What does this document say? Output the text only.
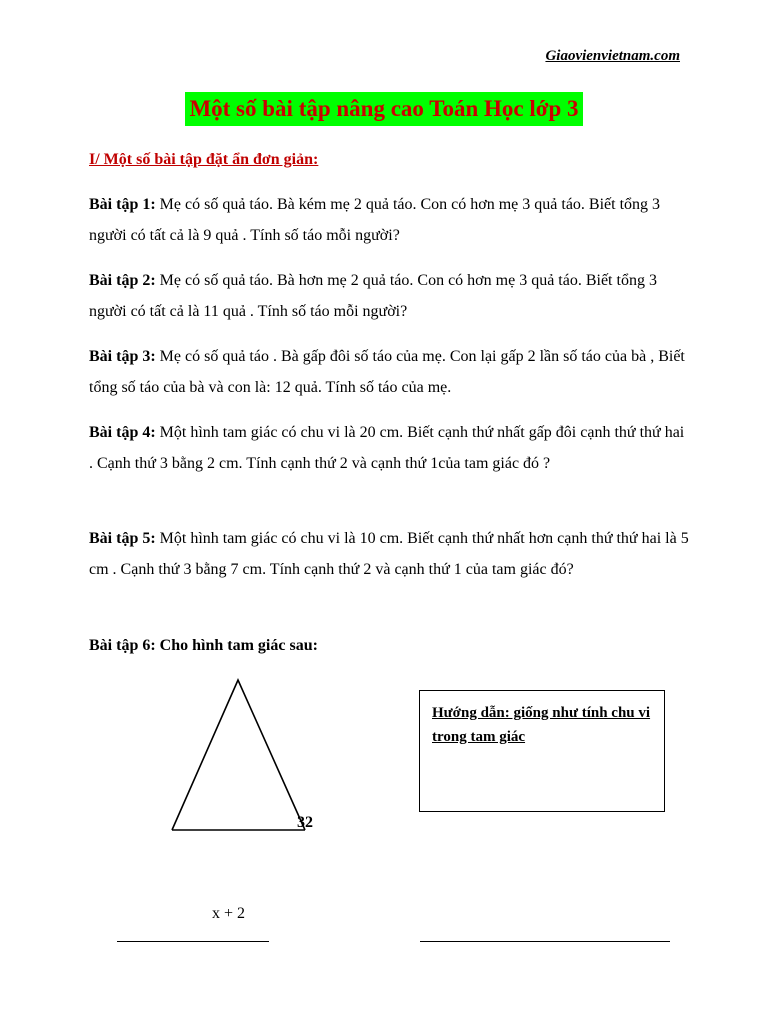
Giaovienvietnam.com
Một số bài tập nâng cao Toán Học lớp 3
I/ Một số bài tập đặt ẩn đơn giản:

Bài tập 1: Mẹ có số quả táo. Bà kém mẹ 2 quả táo. Con có hơn mẹ 3 quả táo. Biết tổng 3 người có tất cả là 9 quả . Tính số táo mỗi người?

Bài tập 2: Mẹ có số quả táo. Bà hơn mẹ 2 quả táo. Con có hơn mẹ 3 quả táo. Biết tổng 3 người có tất cả là 11 quả . Tính số táo mỗi người?

Bài tập 3: Mẹ có số quả táo . Bà gấp đôi số táo của mẹ. Con lại gấp 2 lần số táo của bà , Biết tổng số táo của bà và con là: 12 quả. Tính số táo của mẹ.

Bài tập 4: Một hình tam giác có chu vi là 20 cm. Biết cạnh thứ nhất gấp đôi cạnh thứ thứ hai . Cạnh thứ 3 bằng 2 cm. Tính cạnh thứ 2 và cạnh thứ 1của tam giác đó ?

Bài tập 5: Một hình tam giác có chu vi là 10 cm. Biết cạnh thứ nhất hơn cạnh thứ thứ hai là 5 cm . Cạnh thứ 3 bằng 7 cm. Tính cạnh thứ 2 và cạnh thứ 1 của tam giác đó?

Bài tập 6: Cho hình tam giác sau:

32
x + 2
Hướng dẫn: giống như tính chu vi trong tam giác
